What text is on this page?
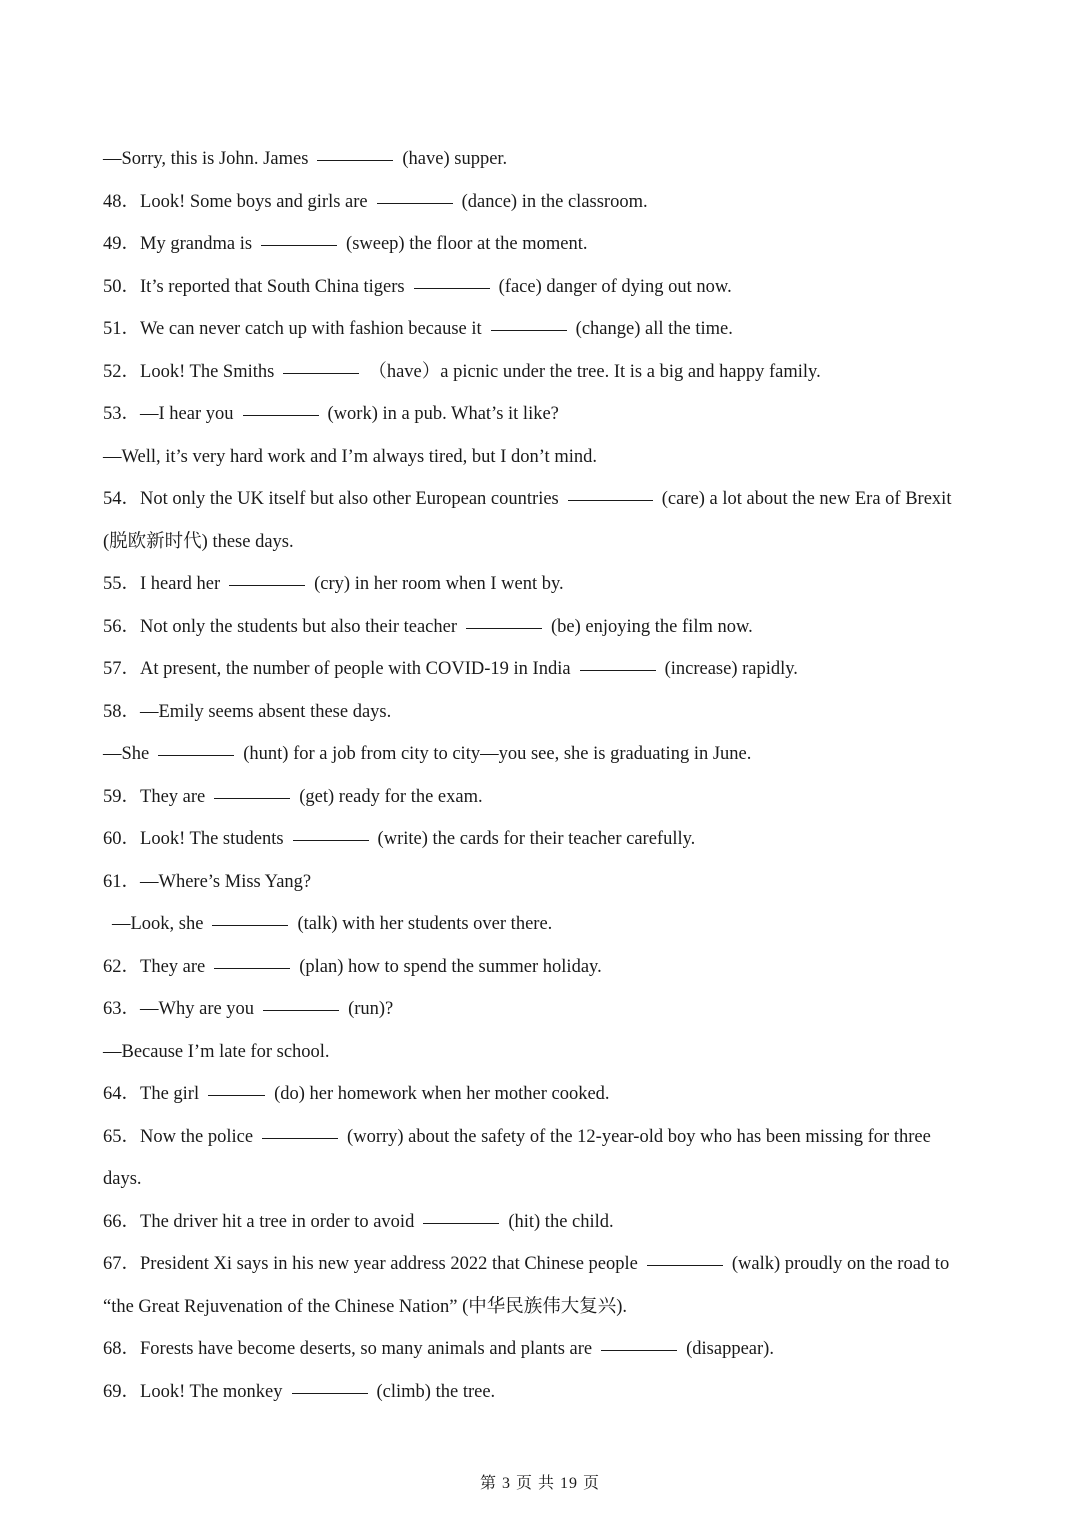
—Sorry, this is John. James	(have) supper.
48．Look! Some boys and girls are	(dance) in the classroom.
49．My grandma is	(sweep) the floor at the moment.
50．It’s reported that South China tigers	(face) danger of dying out now.
51．We can never catch up with fashion because it	(change) all the time.
52．Look! The Smiths	（have）a picnic under the tree. It is a big and happy family.
53．—I hear you	(work) in a pub. What’s it like?
—Well, it’s very hard work and I’m always tired, but I don’t mind.
54．Not only the UK itself but also other European countries	(care) a lot about the new Era of Brexit
(脱欧新时代) these days.
55．I heard her	(cry) in her room when I went by.
56．Not only the students but also their teacher	(be) enjoying the film now.
57．At present, the number of people with COVID-19 in India	(increase) rapidly.
58．—Emily seems absent these days.
—She	(hunt) for a job from city to city—you see, she is graduating in June.
59．They are	(get) ready for the exam.
60．Look! The students	(write) the cards for their teacher carefully.
61．—Where’s Miss Yang?
—Look, she	(talk) with her students over there.
62．They are	(plan) how to spend the summer holiday.
63．—Why are you	(run)?
—Because I’m late for school.
64．The girl	(do) her homework when her mother cooked.
65．Now the police	(worry) about the safety of the 12-year-old boy who has been missing for three
days.
66．The driver hit a tree in order to avoid	(hit) the child.
67．President Xi says in his new year address 2022 that Chinese people	(walk) proudly on the road to
“the Great Rejuvenation of the Chinese Nation” (中华民族伟大复兴).
68．Forests have become deserts, so many animals and plants are	(disappear).
69．Look! The monkey	(climb) the tree.
第 3 页 共 19 页
